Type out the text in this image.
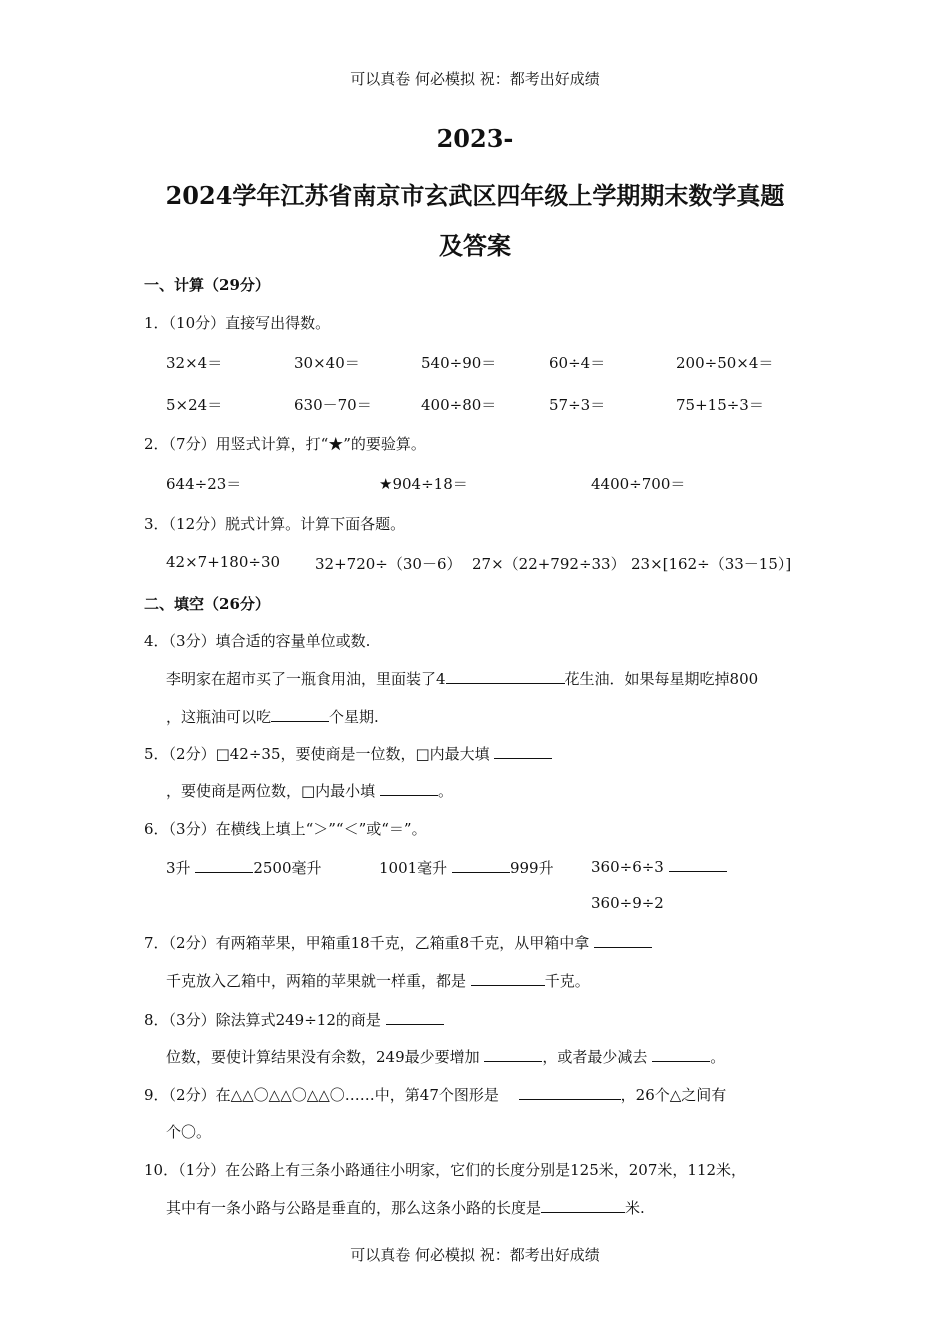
可以真卷 何必模拟 祝：都考出好成绩
2023-
2024学年江苏省南京市玄武区四年级上学期期末数学真题
及答案
一、计算（29分）
1．（10分）直接写出得数。
32×4＝	30×40＝	540÷90＝	60÷4＝	200÷50×4＝
5×24＝	630－70＝	400÷80＝	57÷3＝	75+15÷3＝
2．（7分）用竖式计算，打“★”的要验算。
644÷23＝	★904÷18＝	4400÷700＝
3．（12分）脱式计算。计算下面各题。
42×7+180÷30 32+720÷（30－6） 27×（22+792÷33） 23×[162÷（33－15）]
二、填空（26分）
4．（3分）填合适的容量单位或数.
李明家在超市买了一瓶食用油，里面装了4	花生油．如果每星期吃掉800
，这瓶油可以吃	个星期.
5．（2分）□42÷35，要使商是一位数，□内最大填
，要使商是两位数，□内最小填	。
6．（3分）在横线上填上“＞”“＜”或“＝”。
3升	2500毫升	1001毫升	999升 360÷6÷3
360÷9÷2
7．（2分）有两箱苹果，甲箱重18千克，乙箱重8千克，从甲箱中拿
千克放入乙箱中，两箱的苹果就一样重，都是	千克。
8．（3分）除法算式249÷12的商是
位数，要使计算结果没有余数，249最少要增加	，或者最少减去	。
9．（2分）在△△〇△△〇△△〇……中，第47个图形是　	，26个△之间有
个〇。
10．（1分）在公路上有三条小路通往小明家，它们的长度分别是125米，207米，112米，
其中有一条小路与公路是垂直的，那么这条小路的长度是	米.
可以真卷 何必模拟 祝：都考出好成绩
